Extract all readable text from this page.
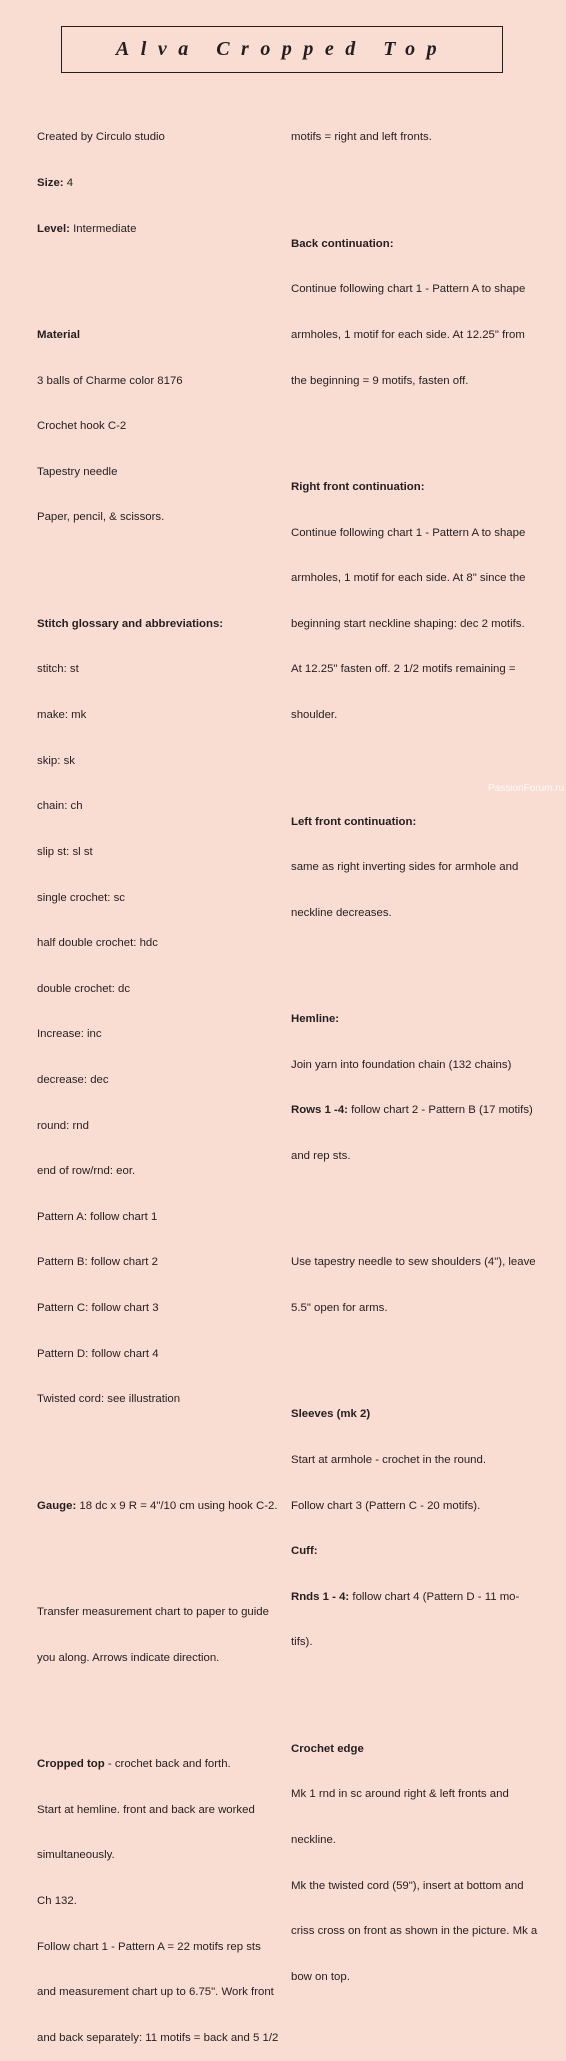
Alva Cropped Top

Created by Circulo studio

Size: 4

Level: Intermediate

Material

3 balls of Charme color 8176

Crochet hook C-2

Tapestry needle

Paper, pencil, & scissors.

Stitch glossary and abbreviations:

stitch: st

make: mk

skip: sk

chain: ch

slip st: sl st

single crochet: sc

half double crochet: hdc

double crochet: dc

Increase: inc

decrease: dec

round: rnd

end of row/rnd: eor.

Pattern A: follow chart 1

Pattern B: follow chart 2

Pattern C: follow chart 3

Pattern D: follow chart 4

Twisted cord: see illustration

Gauge: 18 dc x 9 R = 4"/10 cm using hook C-2.

Transfer measurement chart to paper to guide

you along. Arrows indicate direction.

Cropped top - crochet back and forth.

Start at hemline. front and back are worked

simultaneously.

Ch 132.

Follow chart 1 - Pattern A = 22 motifs rep sts

and measurement chart up to 6.75". Work front

and back separately: 11 motifs = back and 5 1/2

motifs = right and left fronts.

Back continuation:

Continue following chart 1 - Pattern A to shape

armholes, 1 motif for each side. At 12.25" from

the beginning = 9 motifs, fasten off.

Right front continuation:

Continue following chart 1 - Pattern A to shape

armholes, 1 motif for each side. At 8" since the

beginning start neckline shaping: dec 2 motifs.

At 12.25" fasten off. 2 1/2 motifs remaining =

shoulder.

Left front continuation:

same as right inverting sides for armhole and

neckline decreases.

Hemline:

Join yarn into foundation chain (132 chains)

Rows 1 -4: follow chart 2 - Pattern B (17 motifs)

and rep sts.

Use tapestry needle to sew shoulders (4"), leave

5.5" open for arms.

Sleeves (mk 2)

Start at armhole - crochet in the round.

Follow chart 3 (Pattern C - 20 motifs).

Cuff:

Rnds 1 - 4: follow chart 4 (Pattern D - 11 mo-

tifs).

Crochet edge

Mk 1 rnd in sc around right & left fronts and

neckline.

Mk the twisted cord (59"), insert at bottom and

criss cross on front as shown in the picture. Mk a

bow on top.

PassionForum.ru
